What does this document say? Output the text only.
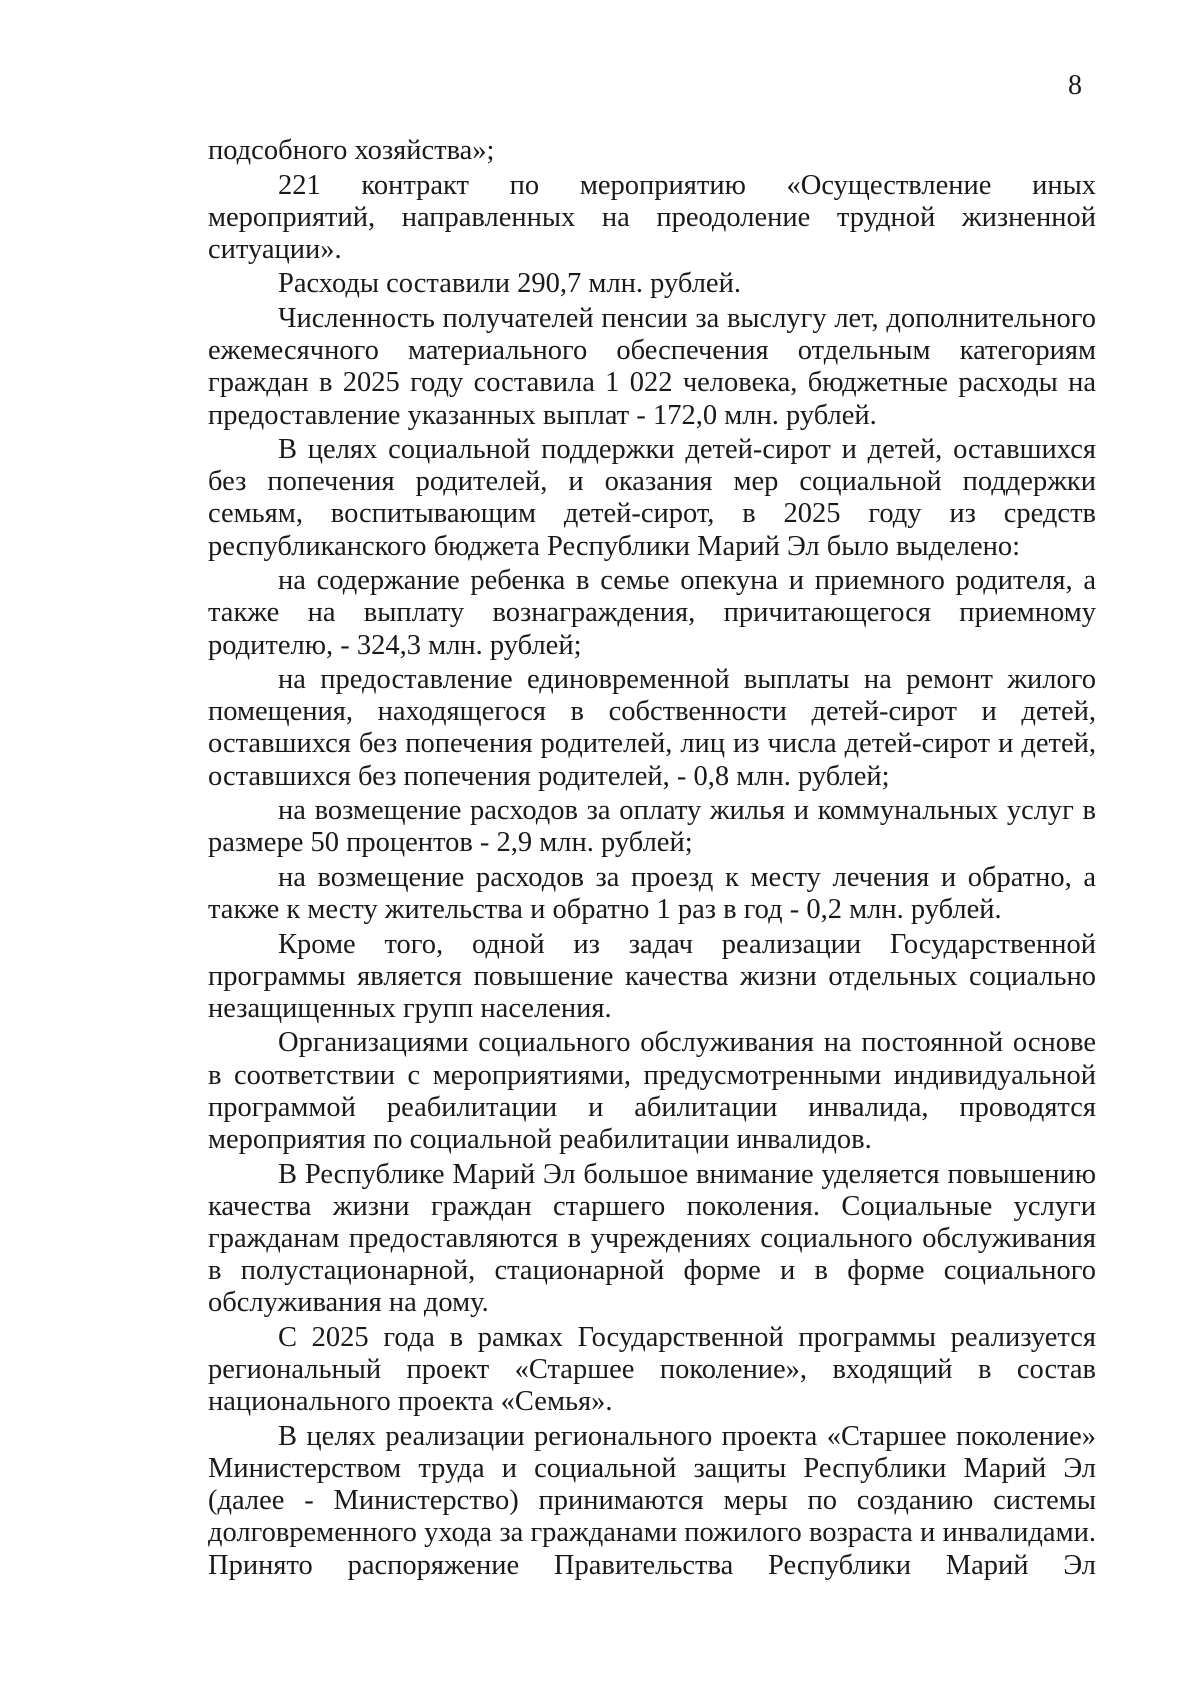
8

подсобного хозяйства»;

221 контракт по мероприятию «Осуществление иных мероприятий, направленных на преодоление трудной жизненной ситуации».

Расходы составили 290,7 млн. рублей.

Численность получателей пенсии за выслугу лет, дополнительного ежемесячного материального обеспечения отдельным категориям граждан в 2025 году составила 1 022 человека, бюджетные расходы на предоставление указанных выплат - 172,0 млн. рублей.

В целях социальной поддержки детей-сирот и детей, оставшихся без попечения родителей, и оказания мер социальной поддержки семьям, воспитывающим детей-сирот, в 2025 году из средств республиканского бюджета Республики Марий Эл было выделено:

на содержание ребенка в семье опекуна и приемного родителя, а также на выплату вознаграждения, причитающегося приемному родителю, - 324,3 млн. рублей;

на предоставление единовременной выплаты на ремонт жилого помещения, находящегося в собственности детей-сирот и детей, оставшихся без попечения родителей, лиц из числа детей-сирот и детей, оставшихся без попечения родителей, - 0,8 млн. рублей;

на возмещение расходов за оплату жилья и коммунальных услуг в размере 50 процентов - 2,9 млн. рублей;

на возмещение расходов за проезд к месту лечения и обратно, а также к месту жительства и обратно 1 раз в год - 0,2 млн. рублей.

Кроме того, одной из задач реализации Государственной программы является повышение качества жизни отдельных социально незащищенных групп населения.

Организациями социального обслуживания на постоянной основе в соответствии с мероприятиями, предусмотренными индивидуальной программой реабилитации и абилитации инвалида, проводятся мероприятия по социальной реабилитации инвалидов.

В Республике Марий Эл большое внимание уделяется повышению качества жизни граждан старшего поколения. Социальные услуги гражданам предоставляются в учреждениях социального обслуживания в полустационарной, стационарной форме и в форме социального обслуживания на дому.

С 2025 года в рамках Государственной программы реализуется региональный проект «Старшее поколение», входящий в состав национального проекта «Семья».

В целях реализации регионального проекта «Старшее поколение» Министерством труда и социальной защиты Республики Марий Эл (далее - Министерство) принимаются меры по созданию системы долговременного ухода за гражданами пожилого возраста и инвалидами. Принято распоряжение Правительства Республики Марий Эл
